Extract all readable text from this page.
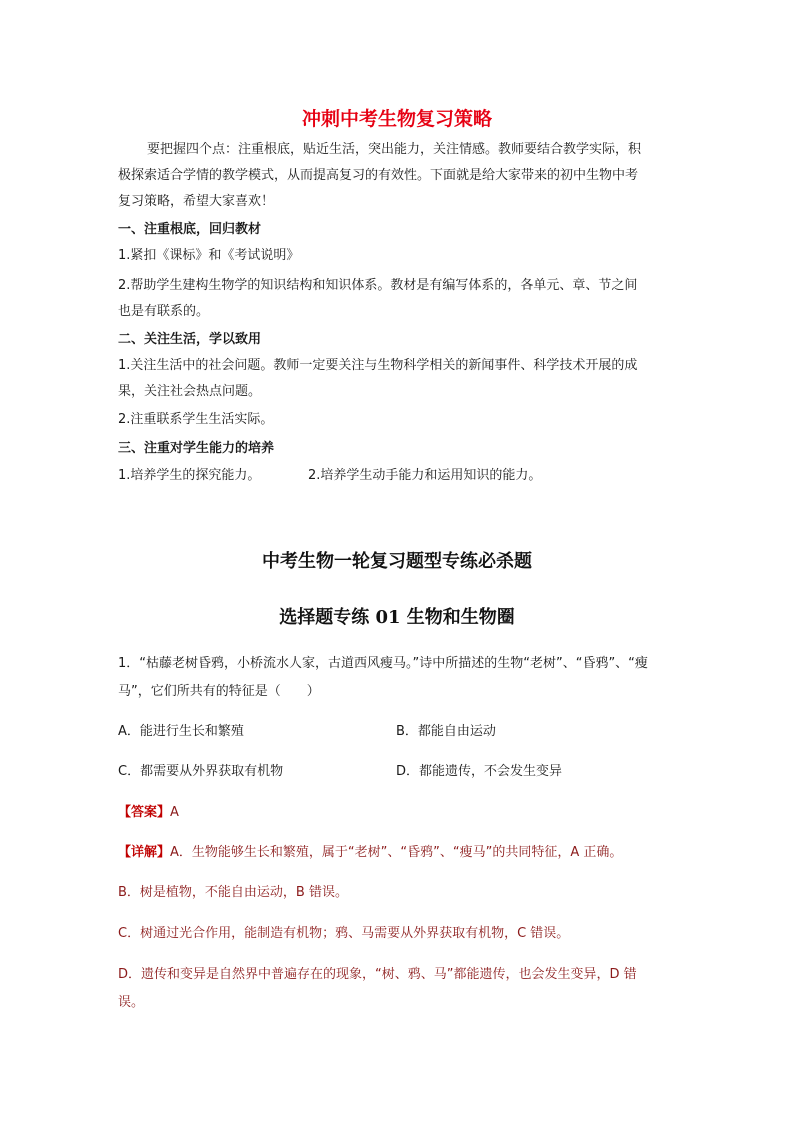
冲刺中考生物复习策略
要把握四个点：注重根底，贴近生活，突出能力，关注情感。教师要结合教学实际，积
极探索适合学情的教学模式，从而提高复习的有效性。下面就是给大家带来的初中生物中考
复习策略，希望大家喜欢！
一、注重根底，回归教材
1.紧扣《课标》和《考试说明》
2.帮助学生建构生物学的知识结构和知识体系。教材是有编写体系的，各单元、章、节之间
也是有联系的。
二、关注生活，学以致用
1.关注生活中的社会问题。教师一定要关注与生物科学相关的新闻事件、科学技术开展的成
果，关注社会热点问题。
2.注重联系学生生活实际。
三、注重对学生能力的培养
1.培养学生的探究能力。	2.培养学生动手能力和运用知识的能力。
中考生物一轮复习题型专练必杀题
选择题专练 01 生物和生物圈
1．“枯藤老树昏鸦，小桥流水人家，古道西风瘦马。”诗中所描述的生物“老树”、“昏鸦”、“瘦
马”，它们所共有的特征是（　　）
A．能进行生长和繁殖	B．都能自由运动
C．都需要从外界获取有机物	D．都能遗传，不会发生变异
【答案】A
【详解】A．生物能够生长和繁殖，属于“老树”、“昏鸦”、“瘦马”的共同特征，A 正确。
B．树是植物，不能自由运动，B 错误。
C．树通过光合作用，能制造有机物；鸦、马需要从外界获取有机物，C 错误。
D．遗传和变异是自然界中普遍存在的现象，“树、鸦、马”都能遗传，也会发生变异，D 错
误。
